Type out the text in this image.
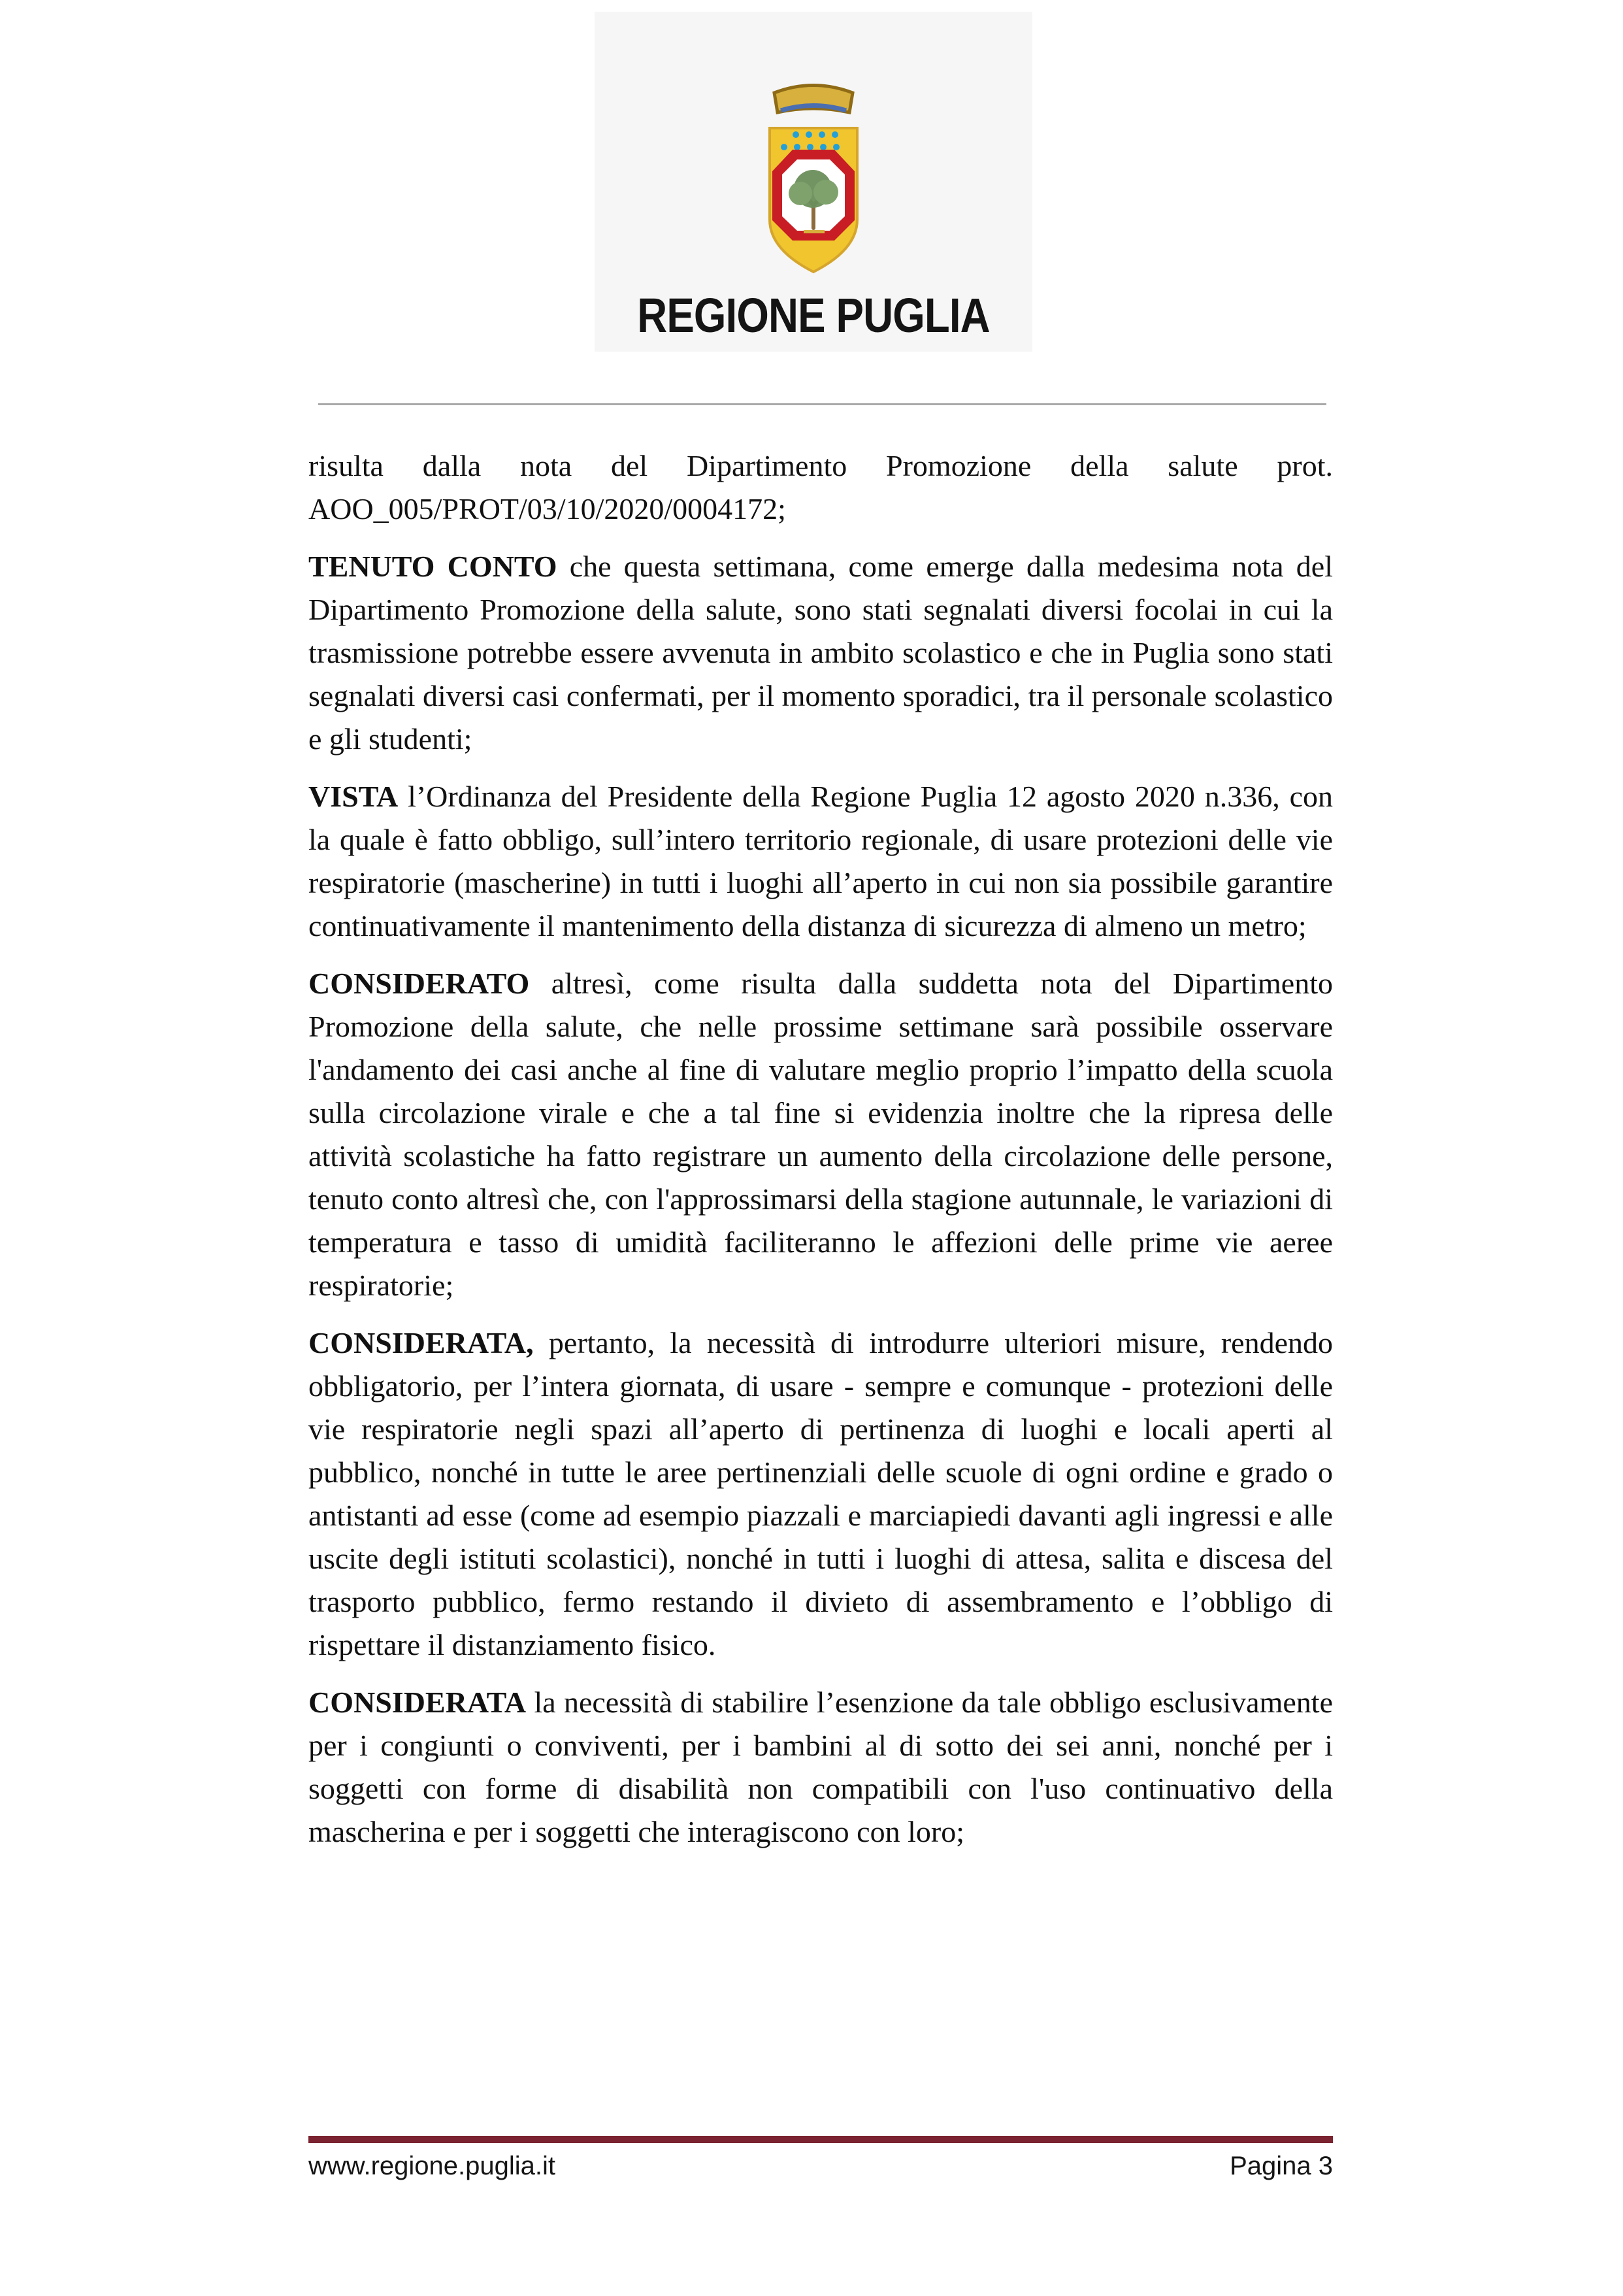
REGIONE PUGLIA

risulta dalla nota del Dipartimento Promozione della salute prot. AOO_005/PROT/03/10/2020/0004172;

TENUTO CONTO che questa settimana, come emerge dalla medesima nota del Dipartimento Promozione della salute, sono stati segnalati diversi focolai in cui la trasmissione potrebbe essere avvenuta in ambito scolastico e che in Puglia sono stati segnalati diversi casi confermati, per il momento sporadici, tra il personale scolastico e gli studenti;

VISTA l’Ordinanza del Presidente della Regione Puglia 12 agosto 2020 n.336, con la quale è fatto obbligo, sull’intero territorio regionale, di usare protezioni delle vie respiratorie (mascherine) in tutti i luoghi all’aperto in cui non sia possibile garantire continuativamente il mantenimento della distanza di sicurezza di almeno un metro;

CONSIDERATO altresì, come risulta dalla suddetta nota del Dipartimento Promozione della salute, che nelle prossime settimane sarà possibile osservare l'andamento dei casi anche al fine di valutare meglio proprio l’impatto della scuola sulla circolazione virale e che a tal fine si evidenzia inoltre che la ripresa delle attività scolastiche ha fatto registrare un aumento della circolazione delle persone, tenuto conto altresì che, con l'approssimarsi della stagione autunnale, le variazioni di temperatura e tasso di umidità faciliteranno le affezioni delle prime vie aeree respiratorie;

CONSIDERATA, pertanto, la necessità di introdurre ulteriori misure, rendendo obbligatorio, per l’intera giornata, di usare - sempre e comunque - protezioni delle vie respiratorie negli spazi all’aperto di pertinenza di luoghi e locali aperti al pubblico, nonché in tutte le aree pertinenziali delle scuole di ogni ordine e grado o antistanti ad esse (come ad esempio piazzali e marciapiedi davanti agli ingressi e alle uscite degli istituti scolastici), nonché in tutti i luoghi di attesa, salita e discesa del trasporto pubblico, fermo restando il divieto di assembramento e l’obbligo di rispettare il distanziamento fisico.

CONSIDERATA la necessità di stabilire l’esenzione da tale obbligo esclusivamente per i congiunti o conviventi, per i bambini al di sotto dei sei anni, nonché per i soggetti con forme di disabilità non compatibili con l'uso continuativo della mascherina e per i soggetti che interagiscono con loro;

www.regione.puglia.it	Pagina 3
